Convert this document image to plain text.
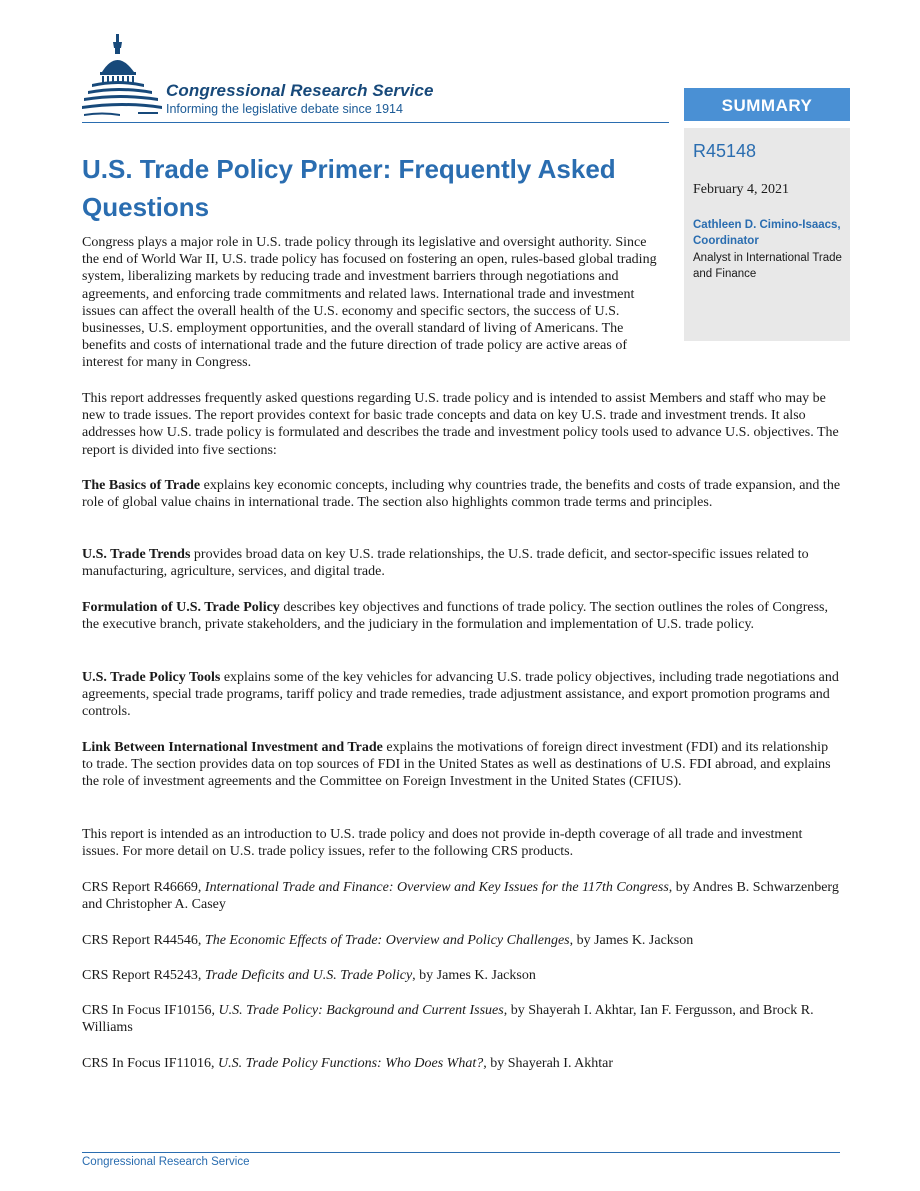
Congressional Research Service
Informing the legislative debate since 1914	SUMMARY
R45148
February 4, 2021
Cathleen D. Cimino-Isaacs, Coordinator
Analyst in International Trade and Finance
U.S. Trade Policy Primer: Frequently Asked Questions

Congress plays a major role in U.S. trade policy through its legislative and oversight authority. Since the end of World War II, U.S. trade policy has focused on fostering an open, rules-based global trading system, liberalizing markets by reducing trade and investment barriers through negotiations and agreements, and enforcing trade commitments and related laws. International trade and investment issues can affect the overall health of the U.S. economy and specific sectors, the success of U.S. businesses, U.S. employment opportunities, and the overall standard of living of Americans. The benefits and costs of international trade and the future direction of trade policy are active areas of interest for many in Congress.

This report addresses frequently asked questions regarding U.S. trade policy and is intended to assist Members and staff who may be new to trade issues. The report provides context for basic trade concepts and data on key U.S. trade and investment trends. It also addresses how U.S. trade policy is formulated and describes the trade and investment policy tools used to advance U.S. objectives. The report is divided into five sections:

The Basics of Trade explains key economic concepts, including why countries trade, the benefits and costs of trade expansion, and the role of global value chains in international trade. The section also highlights common trade terms and principles.

U.S. Trade Trends provides broad data on key U.S. trade relationships, the U.S. trade deficit, and sector-specific issues related to manufacturing, agriculture, services, and digital trade.

Formulation of U.S. Trade Policy describes key objectives and functions of trade policy. The section outlines the roles of Congress, the executive branch, private stakeholders, and the judiciary in the formulation and implementation of U.S. trade policy.

U.S. Trade Policy Tools explains some of the key vehicles for advancing U.S. trade policy objectives, including trade negotiations and agreements, special trade programs, tariff policy and trade remedies, trade adjustment assistance, and export promotion programs and controls.

Link Between International Investment and Trade explains the motivations of foreign direct investment (FDI) and its relationship to trade. The section provides data on top sources of FDI in the United States as well as destinations of U.S. FDI abroad, and explains the role of investment agreements and the Committee on Foreign Investment in the United States (CFIUS).

This report is intended as an introduction to U.S. trade policy and does not provide in-depth coverage of all trade and investment issues. For more detail on U.S. trade policy issues, refer to the following CRS products.

CRS Report R46669, International Trade and Finance: Overview and Key Issues for the 117th Congress, by Andres B. Schwarzenberg and Christopher A. Casey

CRS Report R44546, The Economic Effects of Trade: Overview and Policy Challenges, by James K. Jackson

CRS Report R45243, Trade Deficits and U.S. Trade Policy, by James K. Jackson

CRS In Focus IF10156, U.S. Trade Policy: Background and Current Issues, by Shayerah I. Akhtar, Ian F. Fergusson, and Brock R. Williams

CRS In Focus IF11016, U.S. Trade Policy Functions: Who Does What?, by Shayerah I. Akhtar

Congressional Research Service
